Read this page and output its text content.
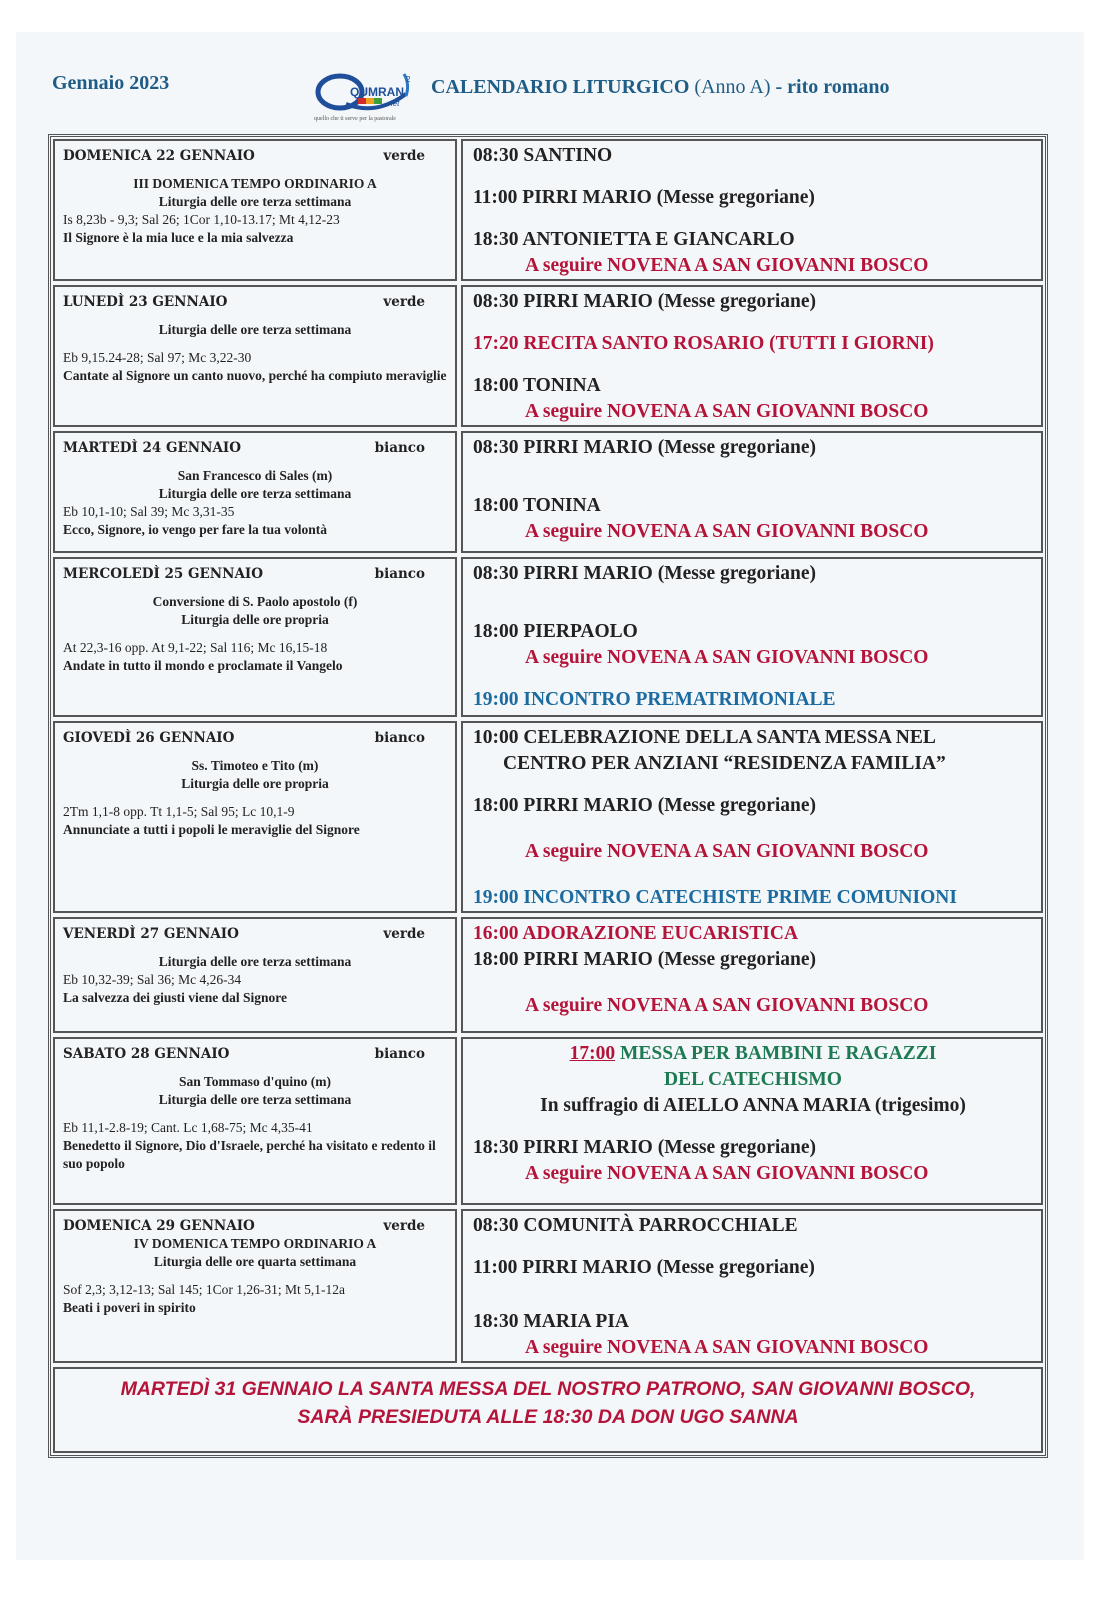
Gennaio 2023	QUMRAN
2
.net
quello che ti serve per la pastorale
CALENDARIO LITURGICO (Anno A) - rito romano
DOMENICA 22 GENNAIO	verde
III DOMENICA TEMPO ORDINARIO A
Liturgia delle ore terza settimana
Is 8,23b - 9,3; Sal 26; 1Cor 1,10-13.17; Mt 4,12-23
Il Signore è la mia luce e la mia salvezza
08:30 SANTINO
11:00 PIRRI MARIO (Messe gregoriane)
18:30 ANTONIETTA E GIANCARLO
A seguire NOVENA A SAN GIOVANNI BOSCO
LUNEDÌ 23 GENNAIO	verde
Liturgia delle ore terza settimana
Eb 9,15.24-28; Sal 97; Mc 3,22-30
Cantate al Signore un canto nuovo, perché ha compiuto meraviglie
08:30 PIRRI MARIO (Messe gregoriane)
17:20 RECITA SANTO ROSARIO (TUTTI I GIORNI)
18:00 TONINA
A seguire NOVENA A SAN GIOVANNI BOSCO
MARTEDÌ 24 GENNAIO	bianco
San Francesco di Sales (m)
Liturgia delle ore terza settimana
Eb 10,1-10; Sal 39; Mc 3,31-35
Ecco, Signore, io vengo per fare la tua volontà
08:30 PIRRI MARIO (Messe gregoriane)
18:00 TONINA
A seguire NOVENA A SAN GIOVANNI BOSCO
MERCOLEDÌ 25 GENNAIO	bianco
Conversione di S. Paolo apostolo (f)
Liturgia delle ore propria
At 22,3-16 opp. At 9,1-22; Sal 116; Mc 16,15-18
Andate in tutto il mondo e proclamate il Vangelo
08:30 PIRRI MARIO (Messe gregoriane)
18:00 PIERPAOLO
A seguire NOVENA A SAN GIOVANNI BOSCO
19:00 INCONTRO PREMATRIMONIALE
GIOVEDÌ 26 GENNAIO	bianco
Ss. Timoteo e Tito (m)
Liturgia delle ore propria
2Tm 1,1-8 opp. Tt 1,1-5; Sal 95; Lc 10,1-9
Annunciate a tutti i popoli le meraviglie del Signore
10:00 CELEBRAZIONE DELLA SANTA MESSA NEL
CENTRO PER ANZIANI “RESIDENZA FAMILIA”
18:00 PIRRI MARIO (Messe gregoriane)
A seguire NOVENA A SAN GIOVANNI BOSCO
19:00 INCONTRO CATECHISTE PRIME COMUNIONI
VENERDÌ 27 GENNAIO	verde
Liturgia delle ore terza settimana
Eb 10,32-39; Sal 36; Mc 4,26-34
La salvezza dei giusti viene dal Signore
16:00 ADORAZIONE EUCARISTICA
18:00 PIRRI MARIO (Messe gregoriane)
A seguire NOVENA A SAN GIOVANNI BOSCO
SABATO 28 GENNAIO	bianco
San Tommaso d'quino (m)
Liturgia delle ore terza settimana
Eb 11,1-2.8-19; Cant. Lc 1,68-75; Mc 4,35-41
Benedetto il Signore, Dio d'Israele, perché ha visitato e redento il suo popolo
17:00 MESSA PER BAMBINI E RAGAZZI
DEL CATECHISMO
In suffragio di AIELLO ANNA MARIA (trigesimo)
18:30 PIRRI MARIO (Messe gregoriane)
A seguire NOVENA A SAN GIOVANNI BOSCO
DOMENICA 29 GENNAIO	verde
IV DOMENICA TEMPO ORDINARIO A
Liturgia delle ore quarta settimana
Sof 2,3; 3,12-13; Sal 145; 1Cor 1,26-31; Mt 5,1-12a
Beati i poveri in spirito
08:30 COMUNITÀ PARROCCHIALE
11:00 PIRRI MARIO (Messe gregoriane)
18:30 MARIA PIA
A seguire NOVENA A SAN GIOVANNI BOSCO
MARTEDÌ 31 GENNAIO LA SANTA MESSA DEL NOSTRO PATRONO, SAN GIOVANNI BOSCO,
SARÀ PRESIEDUTA ALLE 18:30 DA DON UGO SANNA
